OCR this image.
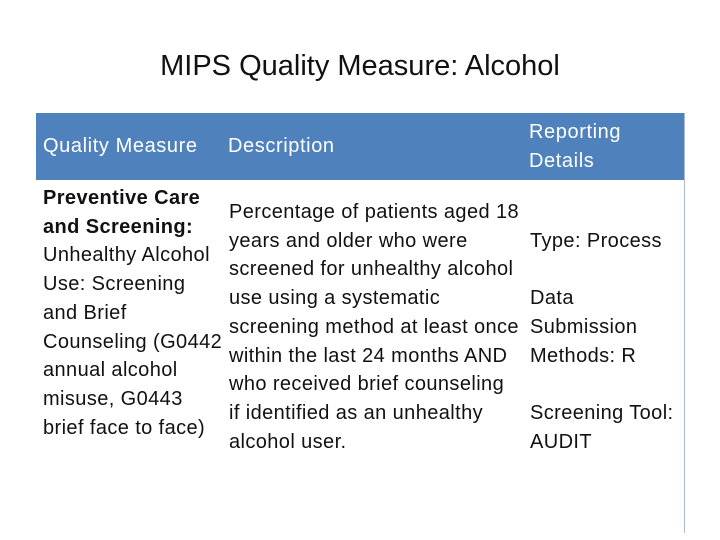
MIPS Quality Measure: Alcohol
Quality Measure	Description
Reporting Details
Preventive Care and Screening:
Unhealthy Alcohol Use: Screening and Brief Counseling (G0442 annual alcohol misuse, G0443 brief face to face)
Percentage of patients aged 18 years and older who were screened for unhealthy alcohol use using a systematic screening method at least once within the last 24 months AND who received brief counseling if identified as an unhealthy alcohol user.
Type: Process
Data Submission Methods: R
Screening Tool: AUDIT
